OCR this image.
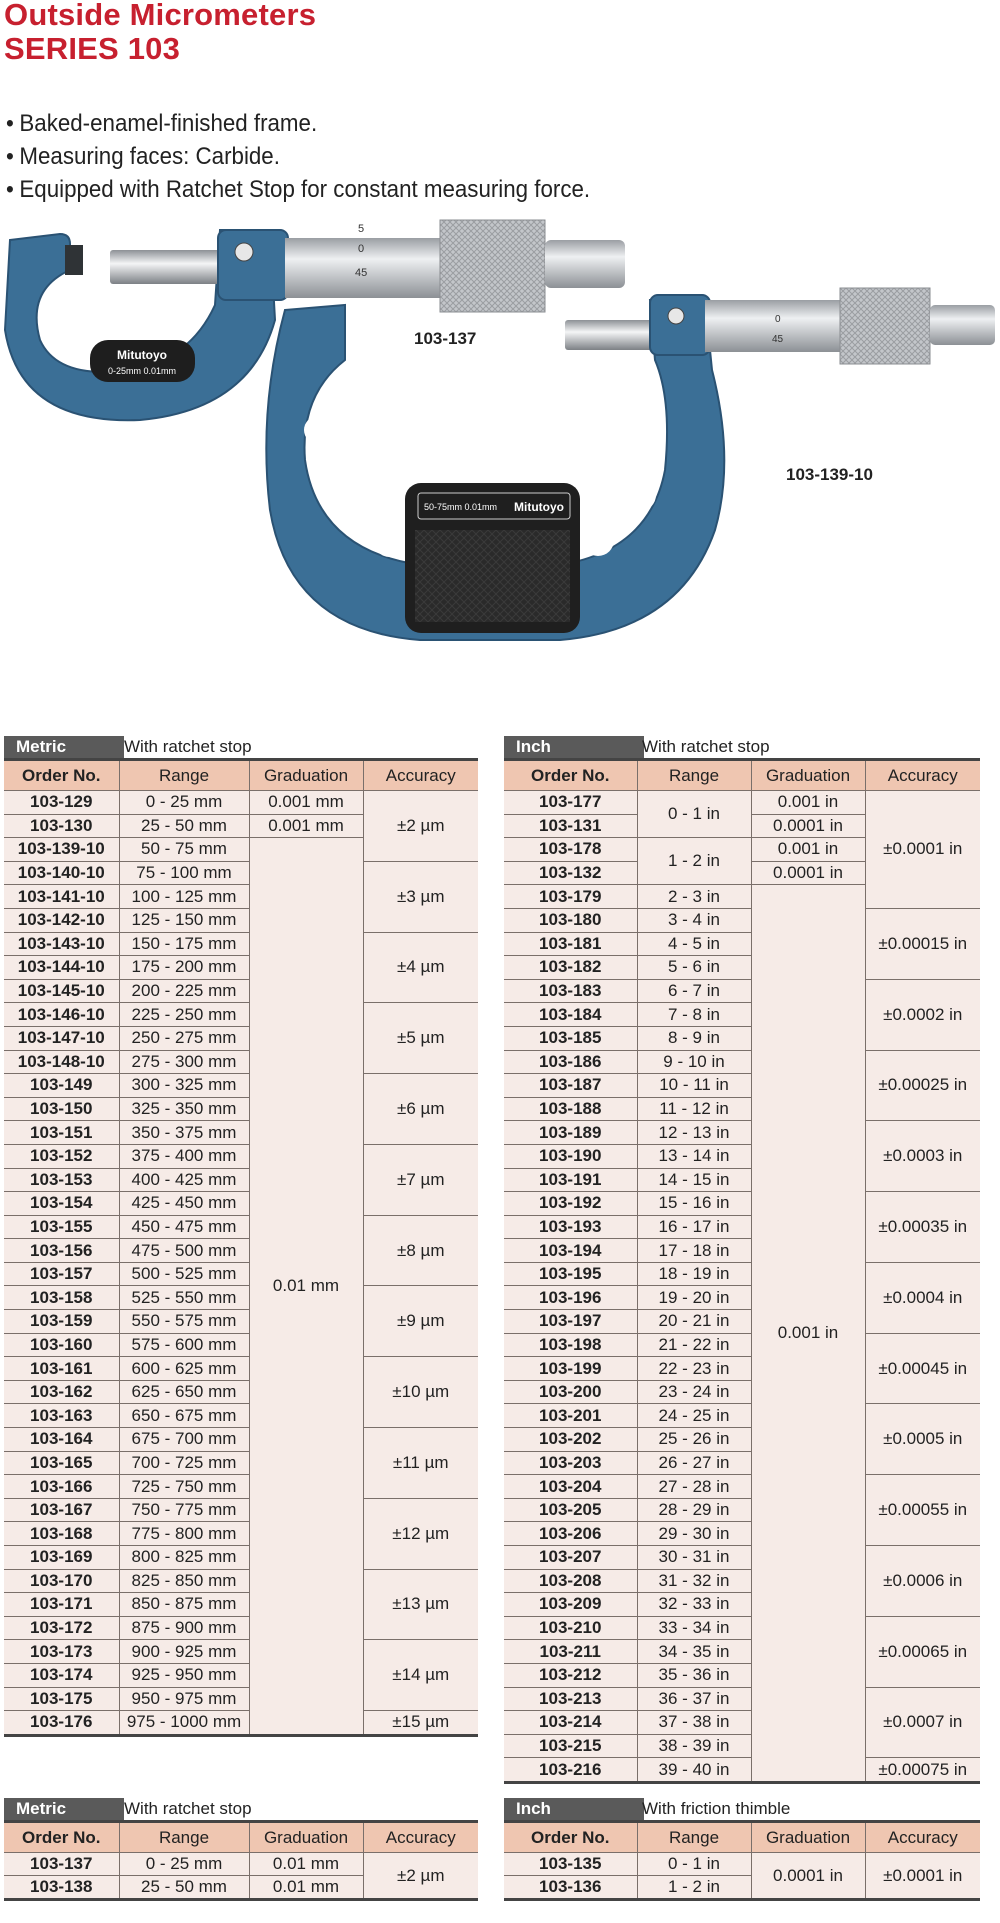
Outside Micrometers
SERIES 103
• Baked-enamel-finished frame.
• Measuring faces: Carbide.
• Equipped with Ratchet Stop for constant measuring force.
5
0
45
Mitutoyo
0-25mm 0.01mm
50-75mm 0.01mm Mitutoyo
0
45
103-137
103-139-10
Metric	With ratchet stop
Order No.	Range	Graduation	Accuracy
103-129	0 - 25 mm	0.001 mm	±2 µm
103-130	25 - 50 mm	0.001 mm	
103-139-10	50 - 75 mm	0.01 mm	
103-140-10	75 - 100 mm		±3 µm
103-141-10	100 - 125 mm		
103-142-10	125 - 150 mm		
103-143-10	150 - 175 mm		±4 µm
103-144-10	175 - 200 mm		
103-145-10	200 - 225 mm		
103-146-10	225 - 250 mm		±5 µm
103-147-10	250 - 275 mm		
103-148-10	275 - 300 mm		
103-149	300 - 325 mm		±6 µm
103-150	325 - 350 mm		
103-151	350 - 375 mm		
103-152	375 - 400 mm		±7 µm
103-153	400 - 425 mm		
103-154	425 - 450 mm		
103-155	450 - 475 mm		±8 µm
103-156	475 - 500 mm		
103-157	500 - 525 mm		
103-158	525 - 550 mm		±9 µm
103-159	550 - 575 mm		
103-160	575 - 600 mm		
103-161	600 - 625 mm		±10 µm
103-162	625 - 650 mm		
103-163	650 - 675 mm		
103-164	675 - 700 mm		±11 µm
103-165	700 - 725 mm		
103-166	725 - 750 mm		
103-167	750 - 775 mm		±12 µm
103-168	775 - 800 mm		
103-169	800 - 825 mm		
103-170	825 - 850 mm		±13 µm
103-171	850 - 875 mm		
103-172	875 - 900 mm		
103-173	900 - 925 mm		±14 µm
103-174	925 - 950 mm		
103-175	950 - 975 mm		
103-176	975 - 1000 mm		±15 µm
Inch	With ratchet stop
Order No.	Range	Graduation	Accuracy
103-177	0 - 1 in	0.001 in	±0.0001 in
103-131		0.0001 in	
103-178	1 - 2 in	0.001 in	
103-132		0.0001 in	
103-179	2 - 3 in	0.001 in	
103-180	3 - 4 in		±0.00015 in
103-181	4 - 5 in		
103-182	5 - 6 in		
103-183	6 - 7 in		±0.0002 in
103-184	7 - 8 in		
103-185	8 - 9 in		
103-186	9 - 10 in		±0.00025 in
103-187	10 - 11 in		
103-188	11 - 12 in		
103-189	12 - 13 in		±0.0003 in
103-190	13 - 14 in		
103-191	14 - 15 in		
103-192	15 - 16 in		±0.00035 in
103-193	16 - 17 in		
103-194	17 - 18 in		
103-195	18 - 19 in		±0.0004 in
103-196	19 - 20 in		
103-197	20 - 21 in		
103-198	21 - 22 in		±0.00045 in
103-199	22 - 23 in		
103-200	23 - 24 in		
103-201	24 - 25 in		±0.0005 in
103-202	25 - 26 in		
103-203	26 - 27 in		
103-204	27 - 28 in		±0.00055 in
103-205	28 - 29 in		
103-206	29 - 30 in		
103-207	30 - 31 in		±0.0006 in
103-208	31 - 32 in		
103-209	32 - 33 in		
103-210	33 - 34 in		±0.00065 in
103-211	34 - 35 in		
103-212	35 - 36 in		
103-213	36 - 37 in		±0.0007 in
103-214	37 - 38 in		
103-215	38 - 39 in		
103-216	39 - 40 in		±0.00075 in
Metric	With ratchet stop
Order No.	Range	Graduation	Accuracy
103-137	0 - 25 mm	0.01 mm	±2 µm
103-138	25 - 50 mm	0.01 mm	
Inch	With friction thimble
Order No.	Range	Graduation	Accuracy
103-135	0 - 1 in	0.0001 in	±0.0001 in
103-136	1 - 2 in		
